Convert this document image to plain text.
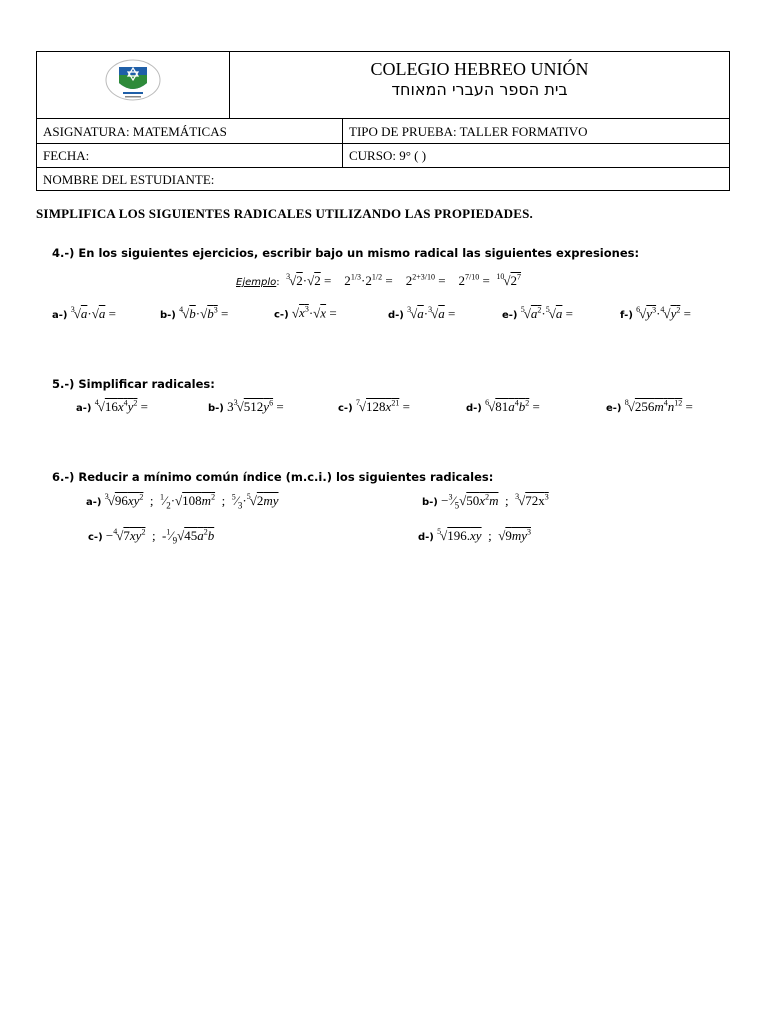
COLEGIO HEBREO UNIÓN
בית הספר העברי המאוחד
ASIGNATURA: MATEMÁTICAS	TIPO DE PRUEBA: TALLER FORMATIVO
FECHA:	CURSO: 9° ( )
NOMBRE DEL ESTUDIANTE:
SIMPLIFICA LOS SIGUIENTES RADICALES UTILIZANDO LAS PROPIEDADES.
4.-) En los siguientes ejercicios, escribir bajo un mismo radical las siguientes expresiones:
Ejemplo:  $^3$√2·√2 =    $2^{1/3}\cdot 2^{1/2}$ =    $2^{2+3/10}$ =    $2^{7/10} = ^{10}√2^7$
a-) $^3$√a·√a =	b-) $^4√b\cdot√b^3$ =	c-) $√x^3\cdot√x$ =	d-) $^3$√a·$^3$√a =	e-) $^5√a^2\cdot^5√a$ =	f-) $^6√y^3\cdot^4√y^2$ =
5.-) Simplificar radicales:
a-) $^4√16x^4y^2$ =	b-) $3^3√512y^6$ =	c-) $^7√128x^{21}$ =	d-) $^6√81a^4b^2$ =	e-) $^8√256m^4n^{12}$ =
6.-) Reducir a mínimo común índice (m.c.i.) los siguientes radicales:
a-) $^3√96xy^2$  ;  $^1⁄_2\cdot√108m^2$  ;  $^5⁄_3\cdot^5√2my$	$b-) -^3⁄_5√50x^2m$  ;  $^3√72x^3$
$c-) -^4√7xy^2$  ;  $-^1⁄_9√45a^2b$	d-) $^5$√196.xy  ;  $√9my^3$
